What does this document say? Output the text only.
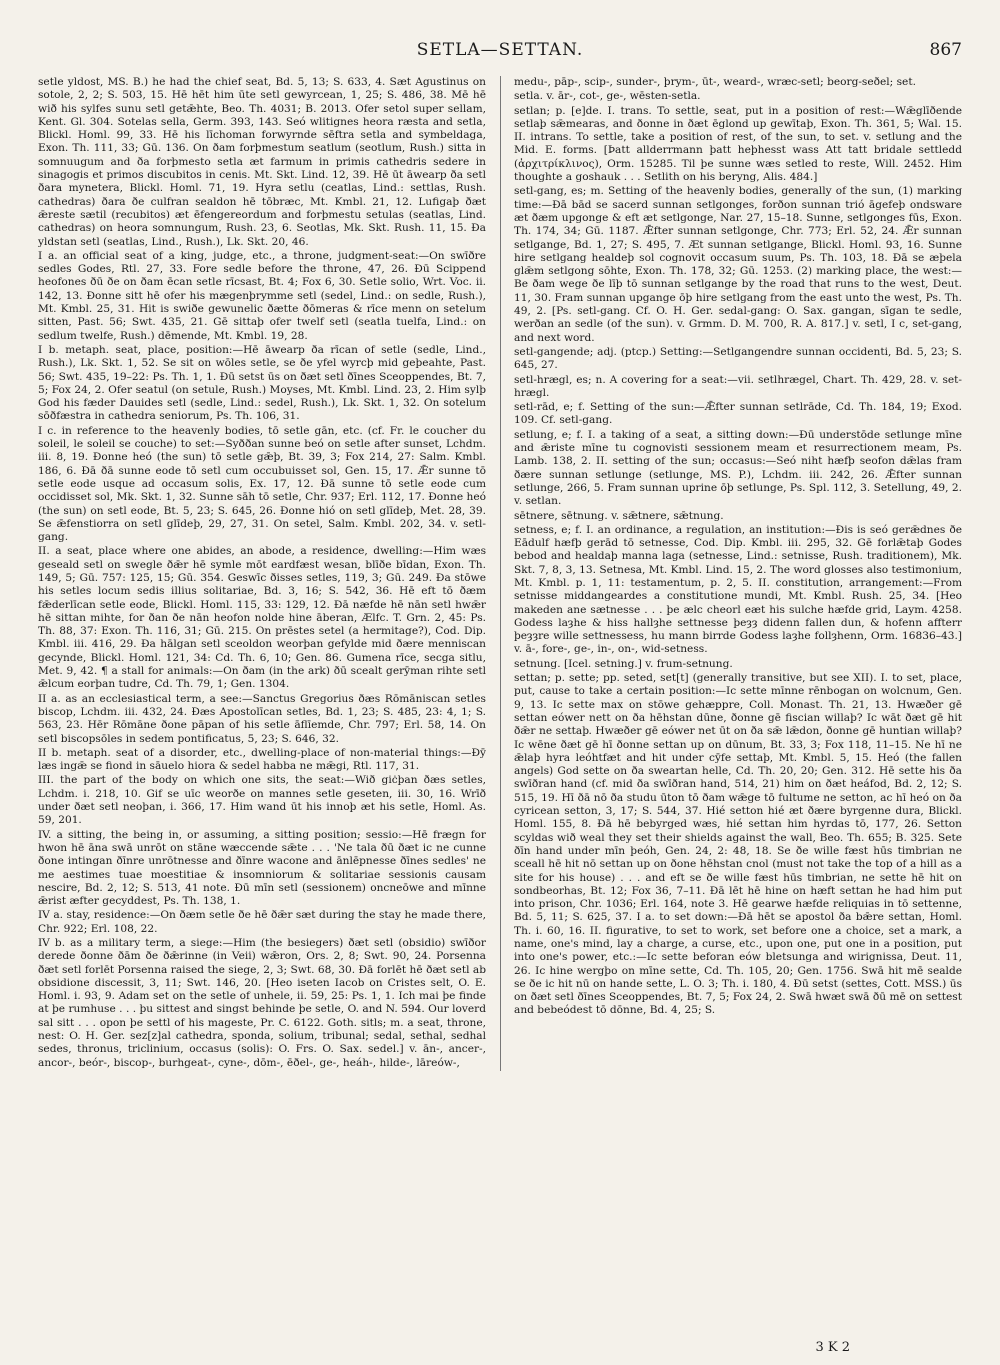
SETLA—SETTAN.	867

setle yldost, MS. B.) he had the chief seat, Bd. 5, 13; S. 633, 4. Sæt Agustinus on sotole, 2, 2; S. 503, 15. Hē hēt him ūte setl gewyrcean, 1, 25; S. 486, 38. Mē hē wið his sylfes sunu setl getǣhte, Beo. Th. 4031; B. 2013. Ofer setol super sellam, Kent. Gl. 304. Sotelas sella, Germ. 393, 143. Seó wlitignes heora ræsta and setla, Blickl. Homl. 99, 33. Hē his līchoman forwyrnde sēftra setla and symbeldaga, Exon. Th. 111, 33; Gū. 136. On ðam forþmestum seatlum (seotlum, Rush.) sitta in somnuugum and ða forþmesto setla æt farmum in primis cathedris sedere in sinagogis et primos discubitos in cenis. Mt. Skt. Lind. 12, 39. Hē ūt āwearp ða setl ðara mynetera, Blickl. Homl. 71, 19. Hyra setlu (ceatlas, Lind.: settlas, Rush. cathedras) ðara ðe culfran sealdon hē tōbræc, Mt. Kmbl. 21, 12. Lufigaþ ðæt ǣreste sætil (recubitos) æt ēfengereordum and forþmestu setulas (seatlas, Lind. cathedras) on heora somnungum, Rush. 23, 6. Seotlas, Mk. Skt. Rush. 11, 15. Ða yldstan setl (seatlas, Lind., Rush.), Lk. Skt. 20, 46.

I a. an official seat of a king, judge, etc., a throne, judgment-seat:—On swīðre sedles Godes, Rtl. 27, 33. Fore sedle before the throne, 47, 26. Ðū Scippend heofones ðū ðe on ðam ēcan setle rīcsast, Bt. 4; Fox 6, 30. Setle solio, Wrt. Voc. ii. 142, 13. Ðonne sitt hē ofer his mægenþrymme setl (sedel, Lind.: on sedle, Rush.), Mt. Kmbl. 25, 31. Hit is swiðe gewunelic ðætte ðōmeras & rīce menn on setelum sitten, Past. 56; Swt. 435, 21. Gē sittaþ ofer twelf setl (seatla tuelfa, Lind.: on sedlum twelfe, Rush.) dēmende, Mt. Kmbl. 19, 28.

I b. metaph. seat, place, position:—Hē āwearp ða rīcan of setle (sedle, Lind., Rush.), Lk. Skt. 1, 52. Se sit on wōles setle, se ðe yfel wyrcþ mid geþeahte, Past. 56; Swt. 435, 19–22: Ps. Th. 1, 1. Ðū setst ūs on ðæt setl ðīnes Sceoppendes, Bt. 7, 5; Fox 24, 2. Ofer seatul (on setule, Rush.) Moyses, Mt. Kmbl. Lind. 23, 2. Him sylþ God his fæder Dauides setl (sedle, Lind.: sedel, Rush.), Lk. Skt. 1, 32. On sotelum sōðfæstra in cathedra seniorum, Ps. Th. 106, 31.

I c. in reference to the heavenly bodies, tō setle gān, etc. (cf. Fr. le coucher du soleil, le soleil se couche) to set:—Syððan sunne beó on setle after sunset, Lchdm. iii. 8, 19. Ðonne heó (the sun) tō setle gǣþ, Bt. 39, 3; Fox 214, 27: Salm. Kmbl. 186, 6. Ðā ðā sunne eode tō setl cum occubuisset sol, Gen. 15, 17. Ǣr sunne tō setle eode usque ad occasum solis, Ex. 17, 12. Ðā sunne tō setle eode cum occidisset sol, Mk. Skt. 1, 32. Sunne sāh tō setle, Chr. 937; Erl. 112, 17. Ðonne heó (the sun) on setl eode, Bt. 5, 23; S. 645, 26. Ðonne hió on setl glīdeþ, Met. 28, 39. Se ǣfenstiorra on setl glīdeþ, 29, 27, 31. On setel, Salm. Kmbl. 202, 34. v. setl-gang.

II. a seat, place where one abides, an abode, a residence, dwelling:—Him wæs geseald setl on swegle ðǣr hē symle mōt eardfæst wesan, blīðe bīdan, Exon. Th. 149, 5; Gū. 757: 125, 15; Gū. 354. Geswīc ðisses setles, 119, 3; Gū. 249. Ða stōwe his setles locum sedis illius solitariae, Bd. 3, 16; S. 542, 36. Hē eft tō ðæm fǣderlīcan setle eode, Blickl. Homl. 115, 33: 129, 12. Ðā næfde hē nān setl hwǣr hē sittan mihte, for ðan ðe nān heofon nolde hine āberan, Ælfc. T. Grn. 2, 45: Ps. Th. 88, 37: Exon. Th. 116, 31; Gū. 215. On prēstes setel (a hermitage?), Cod. Dip. Kmbl. iii. 416, 29. Ða hālgan setl sceoldon weorþan gefylde mid ðære menniscan gecynde, Blickl. Homl. 121, 34: Cd. Th. 6, 10; Gen. 86. Gumena rīce, secga sitlu, Met. 9, 42. ¶ a stall for animals:—On ðam (in the ark) ðū scealt gerȳman rihte setl ǣlcum eorþan tudre, Cd. Th. 79, 1; Gen. 1304.

II a. as an ecclesiastical term, a see:—Sanctus Gregorius ðæs Rōmāniscan setles biscop, Lchdm. iii. 432, 24. Ðæs Apostolīcan setles, Bd. 1, 23; S. 485, 23: 4, 1; S. 563, 23. Hēr Rōmāne ðone pāpan of his setle āflīemde, Chr. 797; Erl. 58, 14. On setl biscopsōles in sedem pontificatus, 5, 23; S. 646, 32.

II b. metaph. seat of a disorder, etc., dwelling-place of non-material things:—Ðȳ læs ingǣ se fiond in sāuelo hiora & sedel habba ne mǣgi, Rtl. 117, 31.

III. the part of the body on which one sits, the seat:—Wið giċþan ðæs setles, Lchdm. i. 218, 10. Gif se uīc weorðe on mannes setle geseten, iii. 30, 16. Wrīð under ðæt setl neoþan, i. 366, 17. Him wand ūt his innoþ æt his setle, Homl. As. 59, 201.

IV. a sitting, the being in, or assuming, a sitting position; sessio:—Hē frægn for hwon hē āna swā unrōt on stāne wæccende sǣte . . . 'Ne tala ðū ðæt ic ne cunne ðone intingan ðīnre unrōtnesse and ðīnre wacone and ānlēpnesse ðīnes sedles' ne me aestimes tuae moestitiae & insomniorum & solitariae sessionis causam nescire, Bd. 2, 12; S. 513, 41 note. Ðū mīn setl (sessionem) oncneōwe and mīnne ǣrist æfter gecyddest, Ps. Th. 138, 1.

IV a. stay, residence:—On ðæm setle ðe hē ðǣr sæt during the stay he made there, Chr. 922; Erl. 108, 22.

IV b. as a military term, a siege:—Him (the besiegers) ðæt setl (obsidio) swīðor derede ðonne ðām ðe ðǣrinne (in Veii) wǣron, Ors. 2, 8; Swt. 90, 24. Porsenna ðæt setl forlēt Porsenna raised the siege, 2, 3; Swt. 68, 30. Ðā forlēt hē ðæt setl ab obsidione discessit, 3, 11; Swt. 146, 20. [Heo iseten Iacob on Cristes selt, O. E. Homl. i. 93, 9. Adam set on the setle of unhele, ii. 59, 25: Ps. 1, 1. Ich mai þe finde at þe rumhuse . . . þu sittest and singst behinde þe setle, O. and N. 594. Our loverd sal sitt . . . opon þe settl of his mageste, Pr. C. 6122. Goth. sitls; m. a seat, throne, nest: O. H. Ger. sez[z]al cathedra, sponda, solium, tribunal; sedal, sethal, sedhal sedes, thronus, triclinium, occasus (solis): O. Frs. O. Sax. sedel.] v. ān-, ancer-, ancor-, beór-, biscop-, burhgeat-, cyne-, dōm-, ēðel-, ge-, heáh-, hilde-, lāreów-,

medu-, pāp-, scip-, sunder-, þrym-, ūt-, weard-, wræc-setl; beorg-seðel; set.

setla. v. ār-, cot-, ge-, wēsten-setla.

setlan; p. [e]de. I. trans. To settle, seat, put in a position of rest:—Wǣglīðende setlaþ sǣmearas, and ðonne in ðæt ēglond up gewītaþ, Exon. Th. 361, 5; Wal. 15. II. intrans. To settle, take a position of rest, of the sun, to set. v. setlung and the Mid. E. forms. [Þatt allderrmann þatt heþhesst wass Att tatt bridale settledd (ἀρχιτρίκλινος), Orm. 15285. Til þe sunne wæs setled to reste, Will. 2452. Him thoughte a goshauk . . . Setlith on his beryng, Alis. 484.]

setl-gang, es; m. Setting of the heavenly bodies, generally of the sun, (1) marking time:—Ðā bād se sacerd sunnan setlgonges, forðon sunnan trió āgefeþ ondsware æt ðæm upgonge & eft æt setlgonge, Nar. 27, 15–18. Sunne, setlgonges fūs, Exon. Th. 174, 34; Gū. 1187. Ǣfter sunnan setlgonge, Chr. 773; Erl. 52, 24. Ǣr sunnan setlgange, Bd. 1, 27; S. 495, 7. Æt sunnan setlgange, Blickl. Homl. 93, 16. Sunne hire setlgang healdeþ sol cognovit occasum suum, Ps. Th. 103, 18. Ðā se æþela glǣm setlgong sōhte, Exon. Th. 178, 32; Gū. 1253. (2) marking place, the west:—Be ðam wege ðe līþ tō sunnan setlgange by the road that runs to the west, Deut. 11, 30. Fram sunnan upgange ōþ hire setlgang from the east unto the west, Ps. Th. 49, 2. [Ps. setl-gang. Cf. O. H. Ger. sedal-gang: O. Sax. gangan, sīgan te sedle, werðan an sedle (of the sun). v. Grmm. D. M. 700, R. A. 817.] v. setl, I c, set-gang, and next word.

setl-gangende; adj. (ptcp.) Setting:—Setlgangendre sunnan occidenti, Bd. 5, 23; S. 645, 27.

setl-hrægl, es; n. A covering for a seat:—vii. setlhrægel, Chart. Th. 429, 28. v. set-hrægl.

setl-rād, e; f. Setting of the sun:—Ǣfter sunnan setlrāde, Cd. Th. 184, 19; Exod. 109. Cf. setl-gang.

setlung, e; f. I. a taking of a seat, a sitting down:—Ðū understōde setlunge mīne and ǣriste mīne tu cognovisti sessionem meam et resurrectionem meam, Ps. Lamb. 138, 2. II. setting of the sun; occasus:—Seó niht hæfþ seofon dǣlas fram ðære sunnan setlunge (setlunge, MS. P.), Lchdm. iii. 242, 26. Ǣfter sunnan setlunge, 266, 5. Fram sunnan uprine ōþ setlunge, Ps. Spl. 112, 3. Setellung, 49, 2. v. setlan.

sētnere, sētnung. v. sǣtnere, sǣtnung.

setness, e; f. I. an ordinance, a regulation, an institution:—Ðis is seó gerǣdnes ðe Eādulf hæfþ gerād tō setnesse, Cod. Dip. Kmbl. iii. 295, 32. Gē forlǣtaþ Godes bebod and healdaþ manna laga (setnesse, Lind.: setnisse, Rush. traditionem), Mk. Skt. 7, 8, 3, 13. Setnesa, Mt. Kmbl. Lind. 15, 2. The word glosses also testimonium, Mt. Kmbl. p. 1, 11: testamentum, p. 2, 5. II. constitution, arrangement:—From setnisse middangeardes a constitutione mundi, Mt. Kmbl. Rush. 25, 34. [Heo makeden ane sætnesse . . . þe ælc cheorl eæt his sulche hæfde grid, Laym. 4258. Godess laȝhe & hiss hallȝhe settnesse þeȝȝ didenn fallen dun, & hofenn affterr þeȝȝre wille settnessess, hu mann birrde Godess laȝhe follȝhenn, Orm. 16836–43.] v. ā-, fore-, ge-, in-, on-, wid-setness.

setnung. [Icel. setning.] v. frum-setnung.

settan; p. sette; pp. seted, set[t] (generally transitive, but see XII). I. to set, place, put, cause to take a certain position:—Ic sette mīnne rēnbogan on wolcnum, Gen. 9, 13. Ic sette max on stōwe gehæppre, Coll. Monast. Th. 21, 13. Hwæðer gē settan eówer nett on ða hēhstan dūne, ðonne gē fiscian willaþ? Ic wāt ðæt gē hit ðǣr ne settaþ. Hwæðer gē eówer net ūt on ða sǣ lǣdon, ðonne gē huntian willaþ? Ic wēne ðæt gē hī ðonne settan up on dūnum, Bt. 33, 3; Fox 118, 11–15. Ne hī ne ǣlaþ hyra leóhtfæt and hit under cȳfe settaþ, Mt. Kmbl. 5, 15. Heó (the fallen angels) God sette on ða sweartan helle, Cd. Th. 20, 20; Gen. 312. Hē sette his ða swīðran hand (cf. mid ða swīðran hand, 514, 21) him on ðæt heáfod, Bd. 2, 12; S. 515, 19. Hī ðā nō ða studu ūton tō ðam wǣge tō fultume ne setton, ac hī heó on ða cyricean setton, 3, 17; S. 544, 37. Hié setton hié æt ðære byrgenne dura, Blickl. Homl. 155, 8. Ðā hē bebyrged wæs, hié settan him hyrdas tō, 177, 26. Setton scyldas wið weal they set their shields against the wall, Beo. Th. 655; B. 325. Sete ðīn hand under mīn þeóh, Gen. 24, 2: 48, 18. Se ðe wille fæst hūs timbrian ne sceall hē hit nō settan up on ðone hēhstan cnol (must not take the top of a hill as a site for his house) . . . and eft se ðe wille fæst hūs timbrian, ne sette hē hit on sondbeorhas, Bt. 12; Fox 36, 7–11. Ðā lēt hē hine on hæft settan he had him put into prison, Chr. 1036; Erl. 164, note 3. Hē gearwe hæfde reliquias in tō settenne, Bd. 5, 11; S. 625, 37. I a. to set down:—Ðā hēt se apostol ða bǣre settan, Homl. Th. i. 60, 16. II. figurative, to set to work, set before one a choice, set a mark, a name, one's mind, lay a charge, a curse, etc., upon one, put one in a position, put into one's power, etc.:—Ic sette beforan eów bletsunga and wirignissa, Deut. 11, 26. Ic hine wergþo on mīne sette, Cd. Th. 105, 20; Gen. 1756. Swā hit mē sealde se ðe ic hit nū on hande sette, L. O. 3; Th. i. 180, 4. Ðū setst (settes, Cott. MSS.) ūs on ðæt setl ðīnes Sceoppendes, Bt. 7, 5; Fox 24, 2. Swā hwæt swā ðū mē on settest and bebeódest tō dōnne, Bd. 4, 25; S.

3 K 2
